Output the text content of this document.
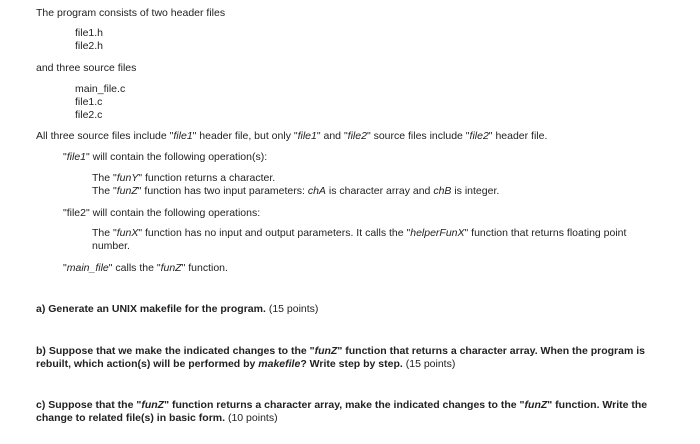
The program consists of two header files
file1.h
file2.h
and three source files
main_file.c
file1.c
file2.c
All three source files include "file1" header file, but only "file1" and "file2" source files include "file2" header file.
"file1" will contain the following operation(s):
The "funY" function returns a character.
The "funZ" function has two input parameters: chA is character array and chB is integer.
"file2" will contain the following operations:
The "funX" function has no input and output parameters. It calls the "helperFunX" function that returns floating point number.
"main_file" calls the "funZ" function.
a) Generate an UNIX makefile for the program. (15 points)
b) Suppose that we make the indicated changes to the "funZ" function that returns a character array. When the program is rebuilt, which action(s) will be performed by makefile? Write step by step. (15 points)
c) Suppose that the "funZ" function returns a character array, make the indicated changes to the "funZ" function. Write the change to related file(s) in basic form. (10 points)
